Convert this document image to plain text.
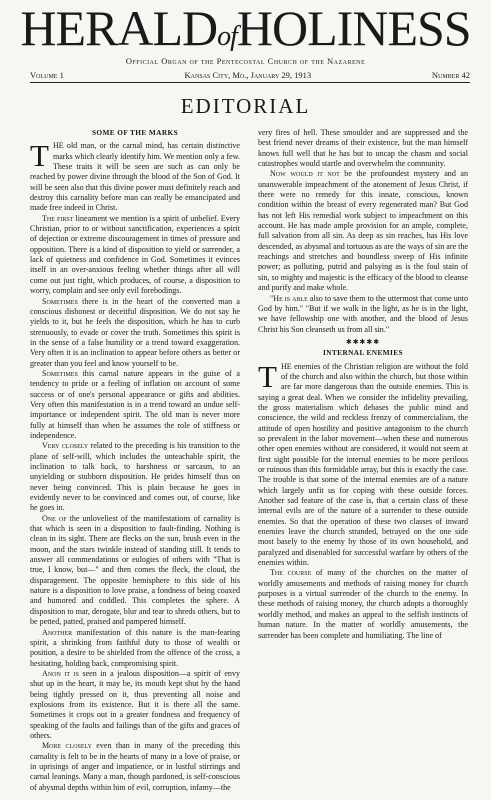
HERALDofHOLINESS
Official Organ of the Pentecostal Church of the Nazarene
Volume 1	Kansas City, Mo., January 29, 1913	Number 42
EDITORIAL
SOME OF THE MARKS
THE old man, or the carnal mind, has certain distinctive marks which clearly identify him. We mention only a few. These traits it will be seen are such as can only be reached by power divine through the blood of the Son of God. It will be seen also that this divine power must definitely reach and destroy this carnality before man can really be emancipated and made free indeed in Christ.

The first lineament we mention is a spirit of unbelief. Every Christian, prior to or without sanctification, experiences a spirit of dejection or extreme discouragement in times of pressure and opposition. There is a kind of disposition to yield or surrender, a lack of quietness and confidence in God. Sometimes it evinces itself in an over-anxious feeling whether things after all will come out just right, which produces, of course, a disposition to worry, complain and see only evil forebodings.

Sometimes there is in the heart of the converted man a conscious dishonest or deceitful disposition. We do not say he yields to it, but he feels the disposition, which he has to curb strenuously, to evade or cover the truth. Sometimes this spirit is in the sense of a false humility or a trend toward exaggeration. Very often it is an inclination to appear before others as better or greater than you feel and know yourself to be.

Sometimes this carnal nature appears in the guise of a tendency to pride or a feeling of inflation on account of some success or of one's personal appearance or gifts and abilities. Very often this manifestation is in a trend toward an undue self-importance or independent spirit. The old man is never more fully at himself than when he assumes the role of stiffness or independence.

Very closely related to the preceding is his transition to the plane of self-will, which includes the unteachable spirit, the inclination to talk back, to harshness or sarcasm, to an unyielding or stubborn disposition. He prides himself thus on never being convinced. This is plain because he goes in evidently never to be convinced and comes out, of course, like he goes in.

One of the unloveliest of the manifestations of carnality is that which is seen in a disposition to fault-finding. Nothing is clean in its sight. There are flecks on the sun, brush even in the moon, and the stars twinkle instead of standing still. It tends to answer all commendations or eulogies of others with "That is true, I know, but—" and then comes the fleck, the cloud, the disparagement. The opposite hemisphere to this side of his nature is a disposition to love praise, a fondness of being coaxed and humored and coddled. This completes the sphere. A disposition to mar, derogate, blur and tear to shreds others, but to be petted, patted, praised and pampered himself.

Another manifestation of this nature is the man-fearing spirit, a shrinking from faithful duty to those of wealth or position, a desire to be shielded from the offence of the cross, a hesitating, holding back, compromising spirit.

Anon it is seen in a jealous disposition—a spirit of envy shut up in the heart, it may be, its mouth kept shut by the hand being tightly pressed on it, thus preventing all noise and explosions from its existence. But it is there all the same. Sometimes it crops out in a greater fondness and frequency of speaking of the faults and failings than of the gifts and graces of others.

More closely even than in many of the preceding this carnality is felt to be in the hearts of many in a love of praise, or in uprisings of anger and impatience, or in lustful stirrings and carnal leanings. Many a man, though pardoned, is self-conscious of abysmal depths within him of evil, corruption, infamy—the

very fires of hell. These smoulder and are suppressed and the best friend never dreams of their existence, but the man himself knows full well that he has but to uncap the chasm and social catastrophes would startle and overwhelm the community.

Now would it not be the profoundest mystery and an unanswerable impeachment of the atonement of Jesus Christ, if there were no remedy for this innate, conscious, known condition within the breast of every regenerated man? But God has not left His remedial work subject to impeachment on this account. He has made ample provision for an ample, complete, full salvation from all sin. As deep as sin reaches, has His love descended, as abysmal and tortuous as are the ways of sin are the reachings and stretches and boundless sweep of His infinite power; as polluting, putrid and palsying as is the foul stain of sin, so mighty and majestic is the efficacy of the blood to cleanse and purify and make whole.

"He is able also to save them to the uttermost that come unto God by him." "But if we walk in the light, as he is in the light, we have fellowship one with another, and the blood of Jesus Christ his Son cleanseth us from all sin."

✱✱✱✱✱
INTERNAL ENEMIES
THE enemies of the Christian religion are without the fold of the church and also within the church, but those within are far more dangerous than the outside enemies. This is saying a great deal. When we consider the infidelity prevailing, the gross materialism which debases the public mind and conscience, the wild and reckless frenzy of commercialism, the attitude of open hostility and positive antagonism to the church so prevalent in the labor movement—when these and numerous other open enemies without are considered, it would not seem at first sight possible for the internal enemies to be more perilous or ruinous than this formidable array, but this is exactly the case. The trouble is that some of the internal enemies are of a nature which largely unfit us for coping with these outside forces. Another sad feature of the case is, that a certain class of these internal evils are of the nature of a surrender to these outside enemies. So that the operation of these two classes of inward enemies leave the church stranded, betrayed on the one side most basely to the enemy by those of its own household, and paralyzed and disenabled for successful warfare by others of the enemies within.

The course of many of the churches on the matter of worldly amusements and methods of raising money for church purposes is a virtual surrender of the church to the enemy. In these methods of raising money, the church adopts a thoroughly worldly method, and makes an appeal to the selfish instincts of human nature. In the matter of worldly amusements, the surrender has been complete and humiliating. The line of
